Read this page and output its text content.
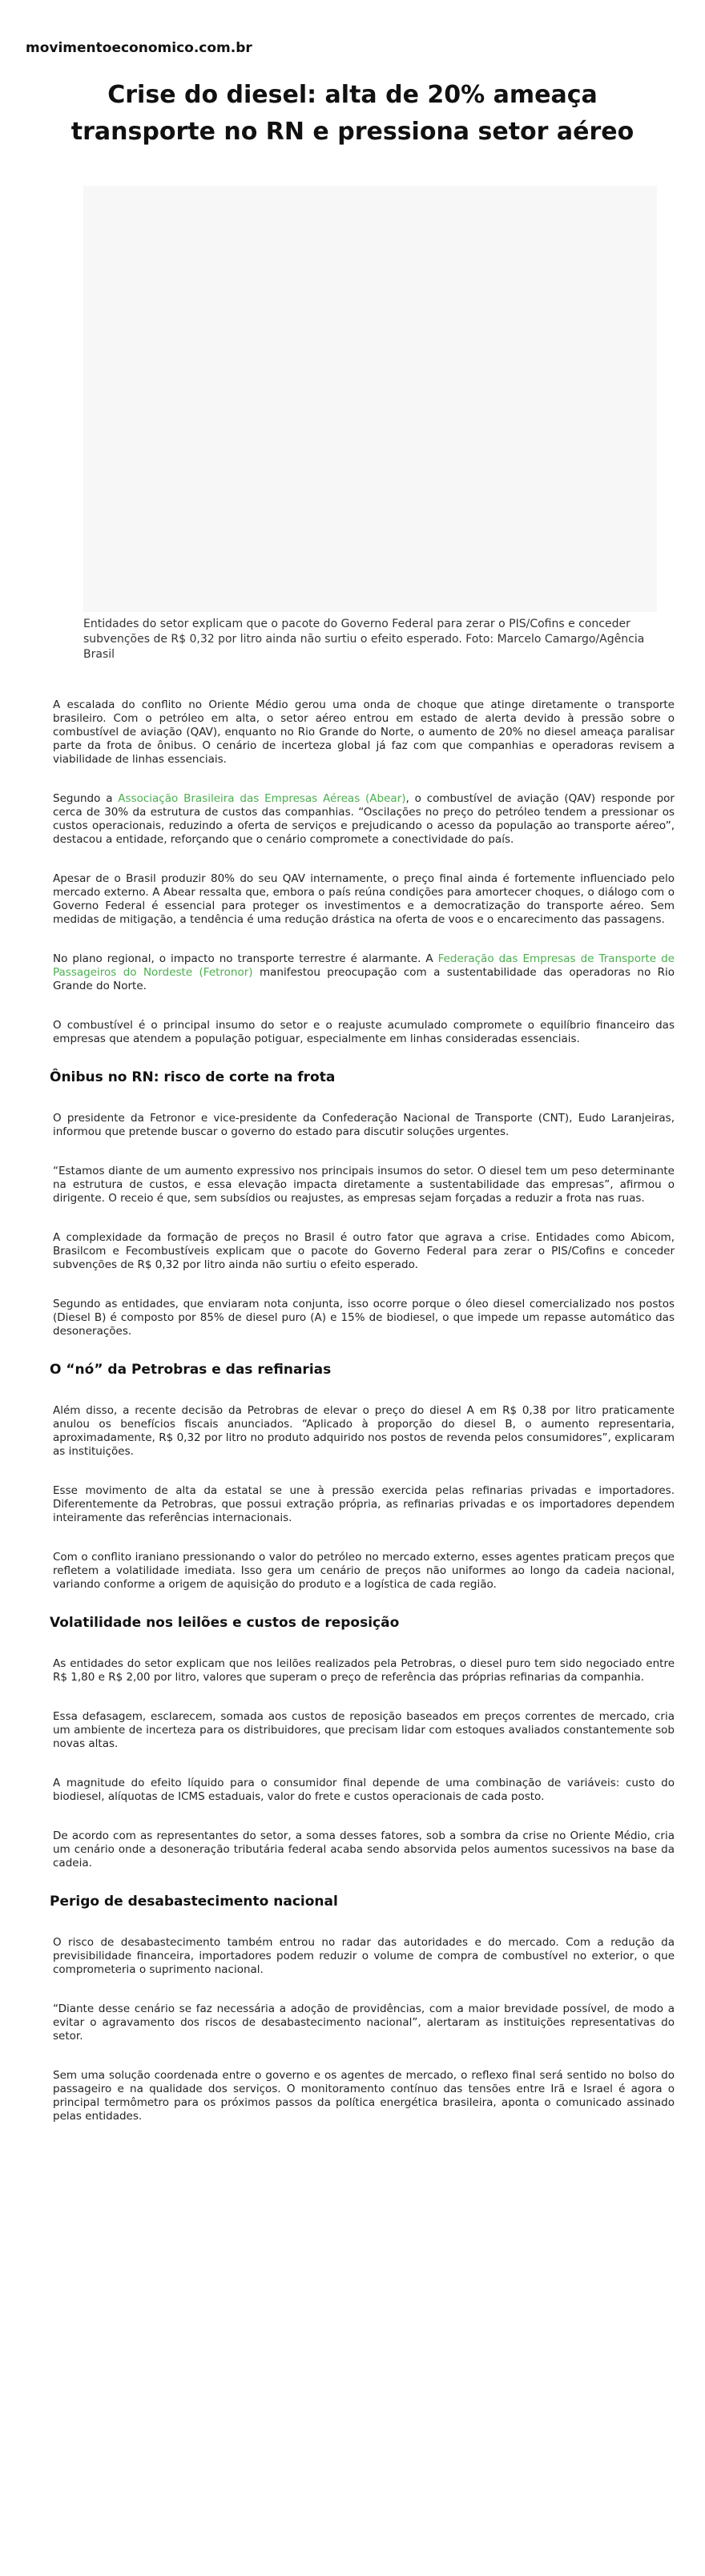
movimentoeconomico.com.br
Crise do diesel: alta de 20% ameaça transporte no RN e pressiona setor aéreo
Entidades do setor explicam que o pacote do Governo Federal para zerar o PIS/Cofins e conceder subvenções de R$ 0,32 por litro ainda não surtiu o efeito esperado. Foto: Marcelo Camargo/Agência Brasil

A escalada do conflito no Oriente Médio gerou uma onda de choque que atinge diretamente o transporte brasileiro. Com o petróleo em alta, o setor aéreo entrou em estado de alerta devido à pressão sobre o combustível de aviação (QAV), enquanto no Rio Grande do Norte, o aumento de 20% no diesel ameaça paralisar parte da frota de ônibus. O cenário de incerteza global já faz com que companhias e operadoras revisem a viabilidade de linhas essenciais.

Segundo a Associação Brasileira das Empresas Aéreas (Abear), o combustível de aviação (QAV) responde por cerca de 30% da estrutura de custos das companhias. “Oscilações no preço do petróleo tendem a pressionar os custos operacionais, reduzindo a oferta de serviços e prejudicando o acesso da população ao transporte aéreo”, destacou a entidade, reforçando que o cenário compromete a conectividade do país.

Apesar de o Brasil produzir 80% do seu QAV internamente, o preço final ainda é fortemente influenciado pelo mercado externo. A Abear ressalta que, embora o país reúna condições para amortecer choques, o diálogo com o Governo Federal é essencial para proteger os investimentos e a democratização do transporte aéreo. Sem medidas de mitigação, a tendência é uma redução drástica na oferta de voos e o encarecimento das passagens.

No plano regional, o impacto no transporte terrestre é alarmante. A Federação das Empresas de Transporte de Passageiros do Nordeste (Fetronor) manifestou preocupação com a sustentabilidade das operadoras no Rio Grande do Norte.

O combustível é o principal insumo do setor e o reajuste acumulado compromete o equilíbrio financeiro das empresas que atendem a população potiguar, especialmente em linhas consideradas essenciais.

Ônibus no RN: risco de corte na frota

O presidente da Fetronor e vice-presidente da Confederação Nacional de Transporte (CNT), Eudo Laranjeiras, informou que pretende buscar o governo do estado para discutir soluções urgentes.

“Estamos diante de um aumento expressivo nos principais insumos do setor. O diesel tem um peso determinante na estrutura de custos, e essa elevação impacta diretamente a sustentabilidade das empresas”, afirmou o dirigente. O receio é que, sem subsídios ou reajustes, as empresas sejam forçadas a reduzir a frota nas ruas.

A complexidade da formação de preços no Brasil é outro fator que agrava a crise. Entidades como Abicom, Brasilcom e Fecombustíveis explicam que o pacote do Governo Federal para zerar o PIS/Cofins e conceder subvenções de R$ 0,32 por litro ainda não surtiu o efeito esperado.

Segundo as entidades, que enviaram nota conjunta, isso ocorre porque o óleo diesel comercializado nos postos (Diesel B) é composto por 85% de diesel puro (A) e 15% de biodiesel, o que impede um repasse automático das desonerações.

O “nó” da Petrobras e das refinarias

Além disso, a recente decisão da Petrobras de elevar o preço do diesel A em R$ 0,38 por litro praticamente anulou os benefícios fiscais anunciados. “Aplicado à proporção do diesel B, o aumento representaria, aproximadamente, R$ 0,32 por litro no produto adquirido nos postos de revenda pelos consumidores”, explicaram as instituições.

Esse movimento de alta da estatal se une à pressão exercida pelas refinarias privadas e importadores. Diferentemente da Petrobras, que possui extração própria, as refinarias privadas e os importadores dependem inteiramente das referências internacionais.

Com o conflito iraniano pressionando o valor do petróleo no mercado externo, esses agentes praticam preços que refletem a volatilidade imediata. Isso gera um cenário de preços não uniformes ao longo da cadeia nacional, variando conforme a origem de aquisição do produto e a logística de cada região.

Volatilidade nos leilões e custos de reposição

As entidades do setor explicam que nos leilões realizados pela Petrobras, o diesel puro tem sido negociado entre R$ 1,80 e R$ 2,00 por litro, valores que superam o preço de referência das próprias refinarias da companhia.

Essa defasagem, esclarecem, somada aos custos de reposição baseados em preços correntes de mercado, cria um ambiente de incerteza para os distribuidores, que precisam lidar com estoques avaliados constantemente sob novas altas.

A magnitude do efeito líquido para o consumidor final depende de uma combinação de variáveis: custo do biodiesel, alíquotas de ICMS estaduais, valor do frete e custos operacionais de cada posto.

De acordo com as representantes do setor, a soma desses fatores, sob a sombra da crise no Oriente Médio, cria um cenário onde a desoneração tributária federal acaba sendo absorvida pelos aumentos sucessivos na base da cadeia.

Perigo de desabastecimento nacional

O risco de desabastecimento também entrou no radar das autoridades e do mercado. Com a redução da previsibilidade financeira, importadores podem reduzir o volume de compra de combustível no exterior, o que comprometeria o suprimento nacional.

“Diante desse cenário se faz necessária a adoção de providências, com a maior brevidade possível, de modo a evitar o agravamento dos riscos de desabastecimento nacional”, alertaram as instituições representativas do setor.

Sem uma solução coordenada entre o governo e os agentes de mercado, o reflexo final será sentido no bolso do passageiro e na qualidade dos serviços. O monitoramento contínuo das tensões entre Irã e Israel é agora o principal termômetro para os próximos passos da política energética brasileira, aponta o comunicado assinado pelas entidades.
